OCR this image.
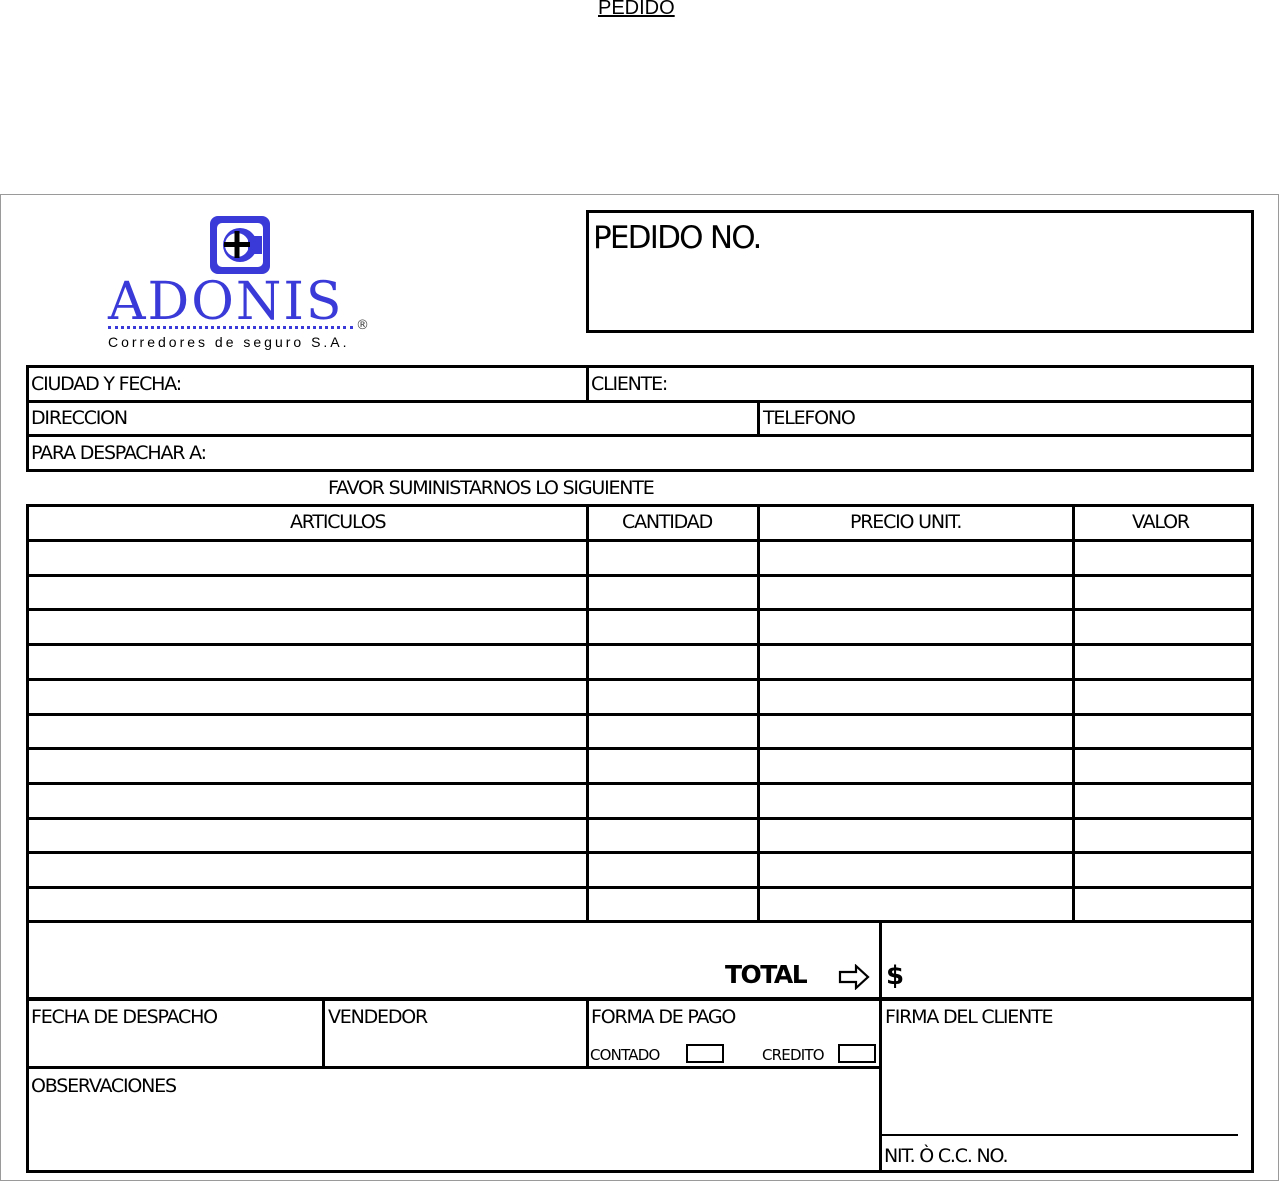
PEDIDO
ADONIS ®
Corredores de seguro S.A.
PEDIDO NO.
CIUDAD Y FECHA:	CLIENTE:
DIRECCION	TELEFONO
PARA DESPACHAR A:
FAVOR SUMINISTARNOS LO SIGUIENTE
ARTICULOS	CANTIDAD	PRECIO UNIT.	VALOR
TOTAL	$
FECHA DE DESPACHO	VENDEDOR	FORMA DE PAGO
CONTADO	CREDITO
FIRMA DEL CLIENTE
OBSERVACIONES
NIT. Ò C.C. NO.
